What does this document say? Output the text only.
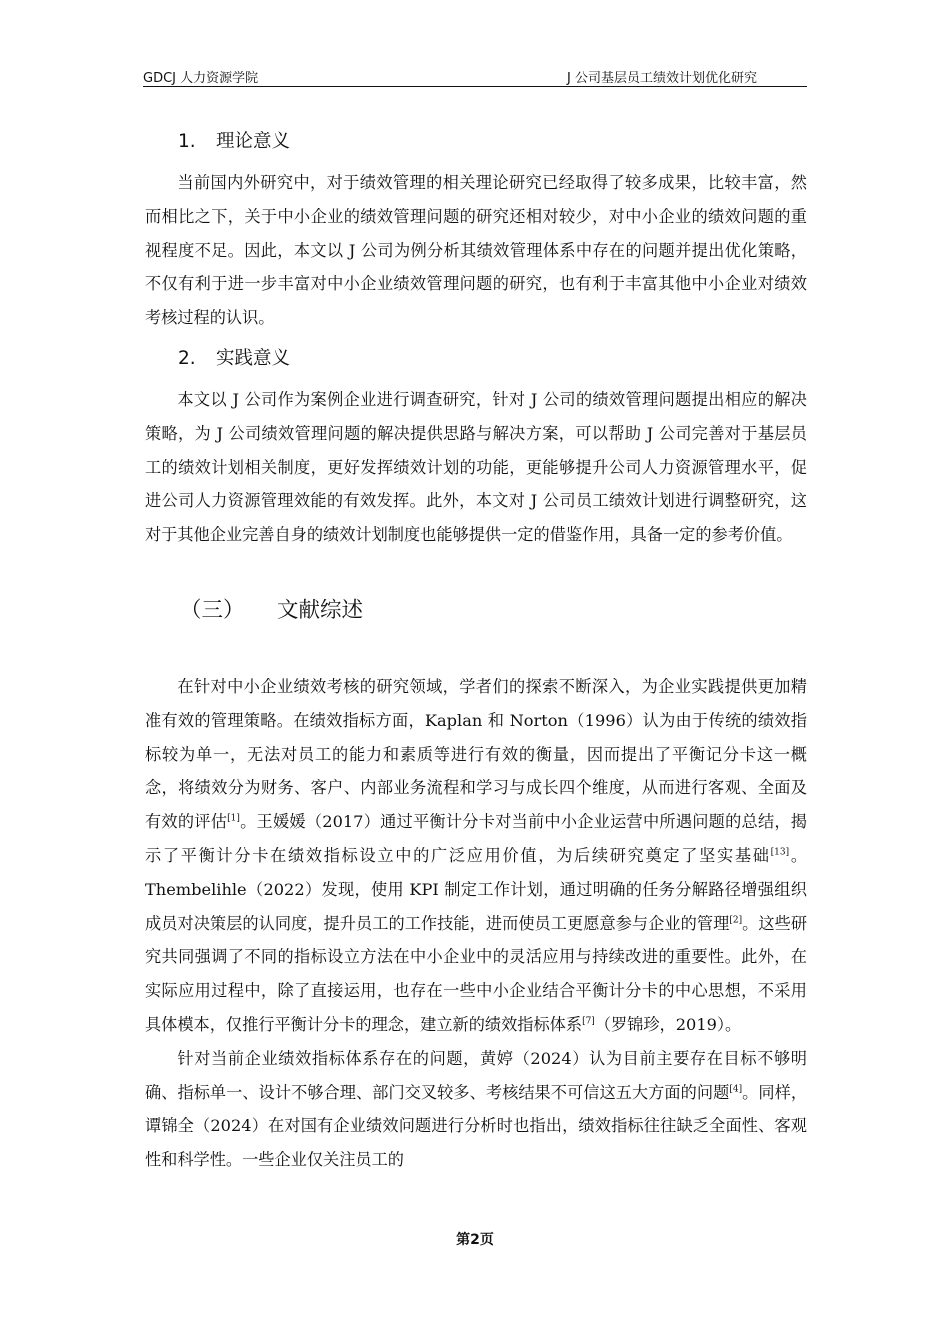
GDCJ 人力资源学院	J 公司基层员工绩效计划优化研究
1. 理论意义

当前国内外研究中，对于绩效管理的相关理论研究已经取得了较多成果，比较丰富，然而相比之下，关于中小企业的绩效管理问题的研究还相对较少，对中小企业的绩效问题的重视程度不足。因此，本文以 J 公司为例分析其绩效管理体系中存在的问题并提出优化策略，不仅有利于进一步丰富对中小企业绩效管理问题的研究，也有利于丰富其他中小企业对绩效考核过程的认识。

2. 实践意义

本文以 J 公司作为案例企业进行调查研究，针对 J 公司的绩效管理问题提出相应的解决策略，为 J 公司绩效管理问题的解决提供思路与解决方案，可以帮助 J 公司完善对于基层员工的绩效计划相关制度，更好发挥绩效计划的功能，更能够提升公司人力资源管理水平，促进公司人力资源管理效能的有效发挥。此外，本文对 J 公司员工绩效计划进行调整研究，这对于其他企业完善自身的绩效计划制度也能够提供一定的借鉴作用，具备一定的参考价值。

（三） 文献综述

在针对中小企业绩效考核的研究领域，学者们的探索不断深入，为企业实践提供更加精准有效的管理策略。在绩效指标方面，Kaplan 和 Norton（1996）认为由于传统的绩效指标较为单一，无法对员工的能力和素质等进行有效的衡量，因而提出了平衡记分卡这一概念，将绩效分为财务、客户、内部业务流程和学习与成长四个维度，从而进行客观、全面及有效的评估[1]。王媛媛（2017）通过平衡计分卡对当前中小企业运营中所遇问题的总结，揭示了平衡计分卡在绩效指标设立中的广泛应用价值，为后续研究奠定了坚实基础[13]。Thembelihle（2022）发现，使用 KPI 制定工作计划，通过明确的任务分解路径增强组织成员对决策层的认同度，提升员工的工作技能，进而使员工更愿意参与企业的管理[2]。这些研究共同强调了不同的指标设立方法在中小企业中的灵活应用与持续改进的重要性。此外，在实际应用过程中，除了直接运用，也存在一些中小企业结合平衡计分卡的中心思想，不采用具体模本，仅推行平衡计分卡的理念，建立新的绩效指标体系[7]（罗锦珍，2019）。

针对当前企业绩效指标体系存在的问题，黄婷（2024）认为目前主要存在目标不够明确、指标单一、设计不够合理、部门交叉较多、考核结果不可信这五大方面的问题[4]。同样，谭锦全（2024）在对国有企业绩效问题进行分析时也指出，绩效指标往往缺乏全面性、客观性和科学性。一些企业仅关注员工的

第2页
